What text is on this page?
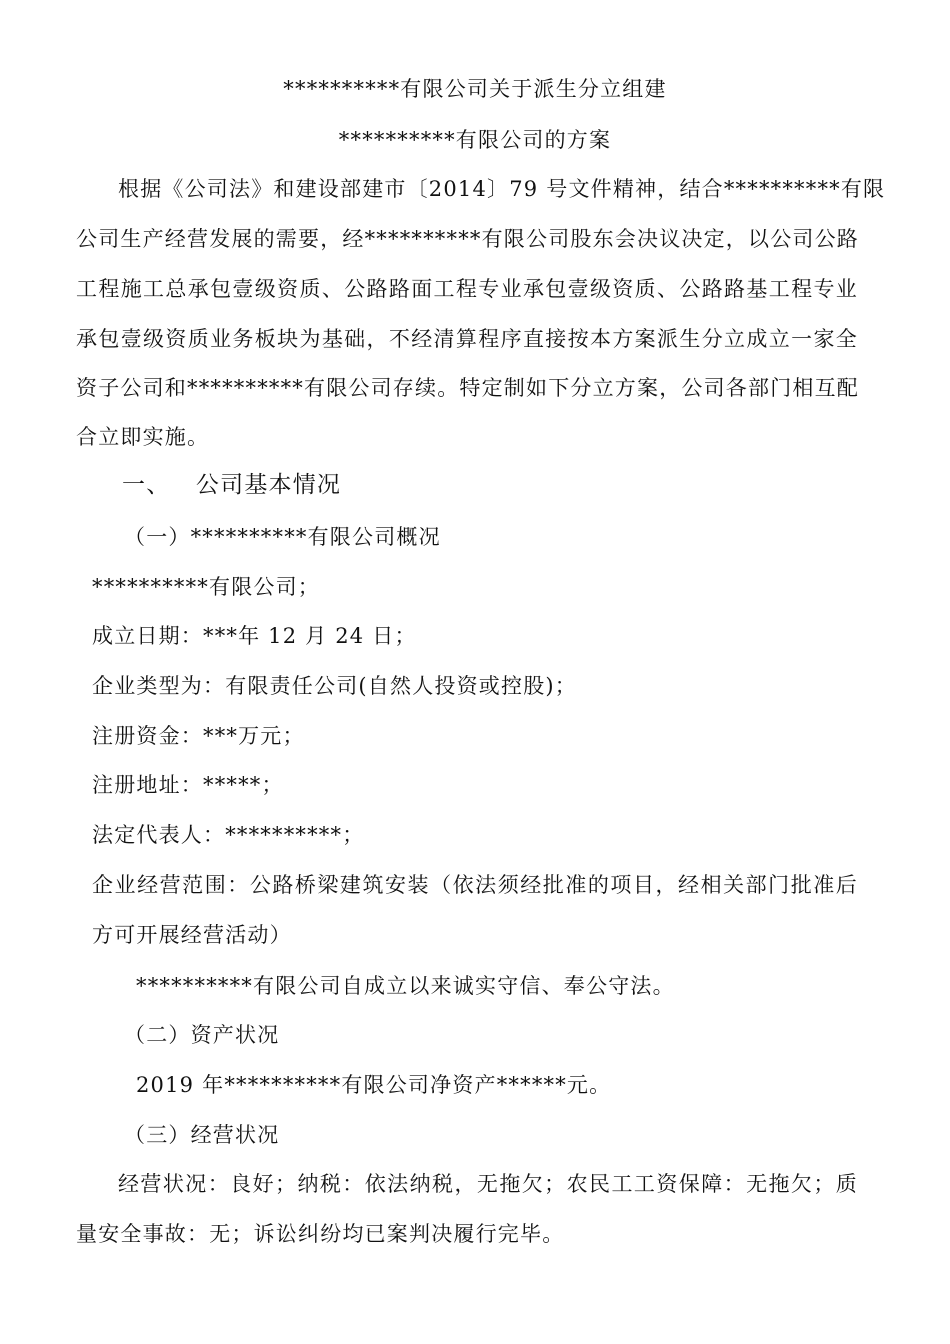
**********有限公司关于派生分立组建
**********有限公司的方案
根据《公司法》和建设部建市〔2014〕79 号文件精神，结合**********有限
公司生产经营发展的需要，经**********有限公司股东会决议决定，以公司公路
工程施工总承包壹级资质、公路路面工程专业承包壹级资质、公路路基工程专业
承包壹级资质业务板块为基础，不经清算程序直接按本方案派生分立成立一家全
资子公司和**********有限公司存续。特定制如下分立方案，公司各部门相互配
合立即实施。
一、   公司基本情况
（一）**********有限公司概况
**********有限公司；
成立日期：***年 12 月 24 日；
企业类型为：有限责任公司(自然人投资或控股)；
注册资金：***万元；
注册地址：*****；
法定代表人：**********；
企业经营范围：公路桥梁建筑安装（依法须经批准的项目，经相关部门批准后
方可开展经营活动）
**********有限公司自成立以来诚实守信、奉公守法。
（二）资产状况
2019 年**********有限公司净资产******元。
（三）经营状况
经营状况：良好；纳税：依法纳税，无拖欠；农民工工资保障：无拖欠；质
量安全事故：无；诉讼纠纷均已案判决履行完毕。
